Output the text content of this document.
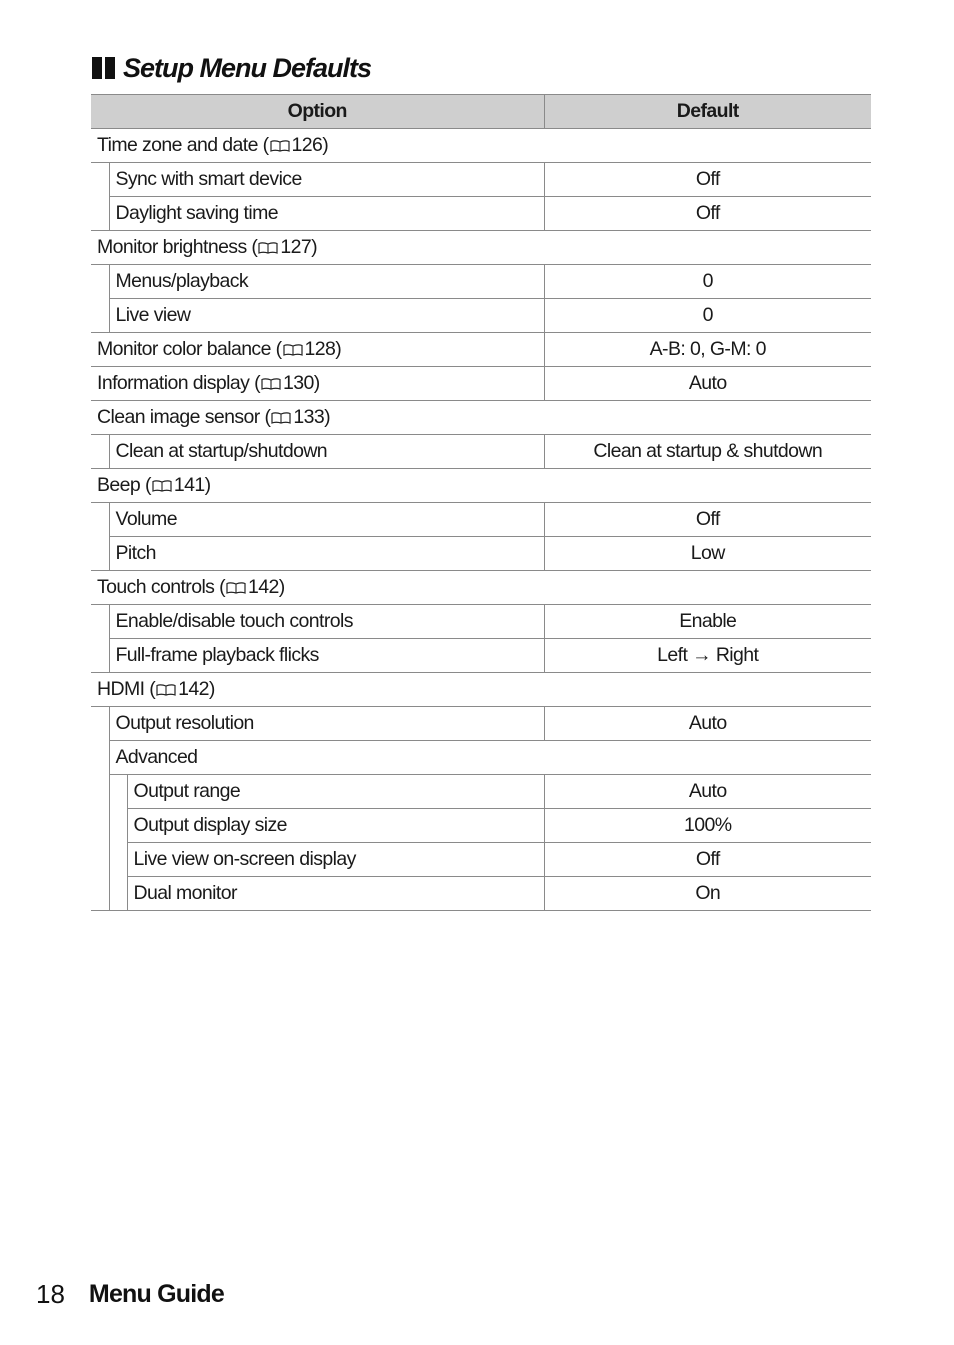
Setup Menu Defaults
Option			Default
Time zone and date ( 126)			
	Sync with smart device		Off
	Daylight saving time		Off
Monitor brightness ( 127)			
	Menus/playback		0
	Live view		0
Monitor color balance ( 128)			A-B: 0, G-M: 0
Information display ( 130)			Auto
Clean image sensor ( 133)			
	Clean at startup/shutdown		Clean at startup & shutdown
Beep ( 141)			
	Volume		Off
	Pitch		Low
Touch controls ( 142)			
	Enable/disable touch controls		Enable
	Full-frame playback flicks		Left → Right
HDMI ( 142)			
	Output resolution		Auto
	Advanced		
		Output range	Auto
		Output display size	100%
		Live view on-screen display	Off
		Dual monitor	On
18 Menu Guide
